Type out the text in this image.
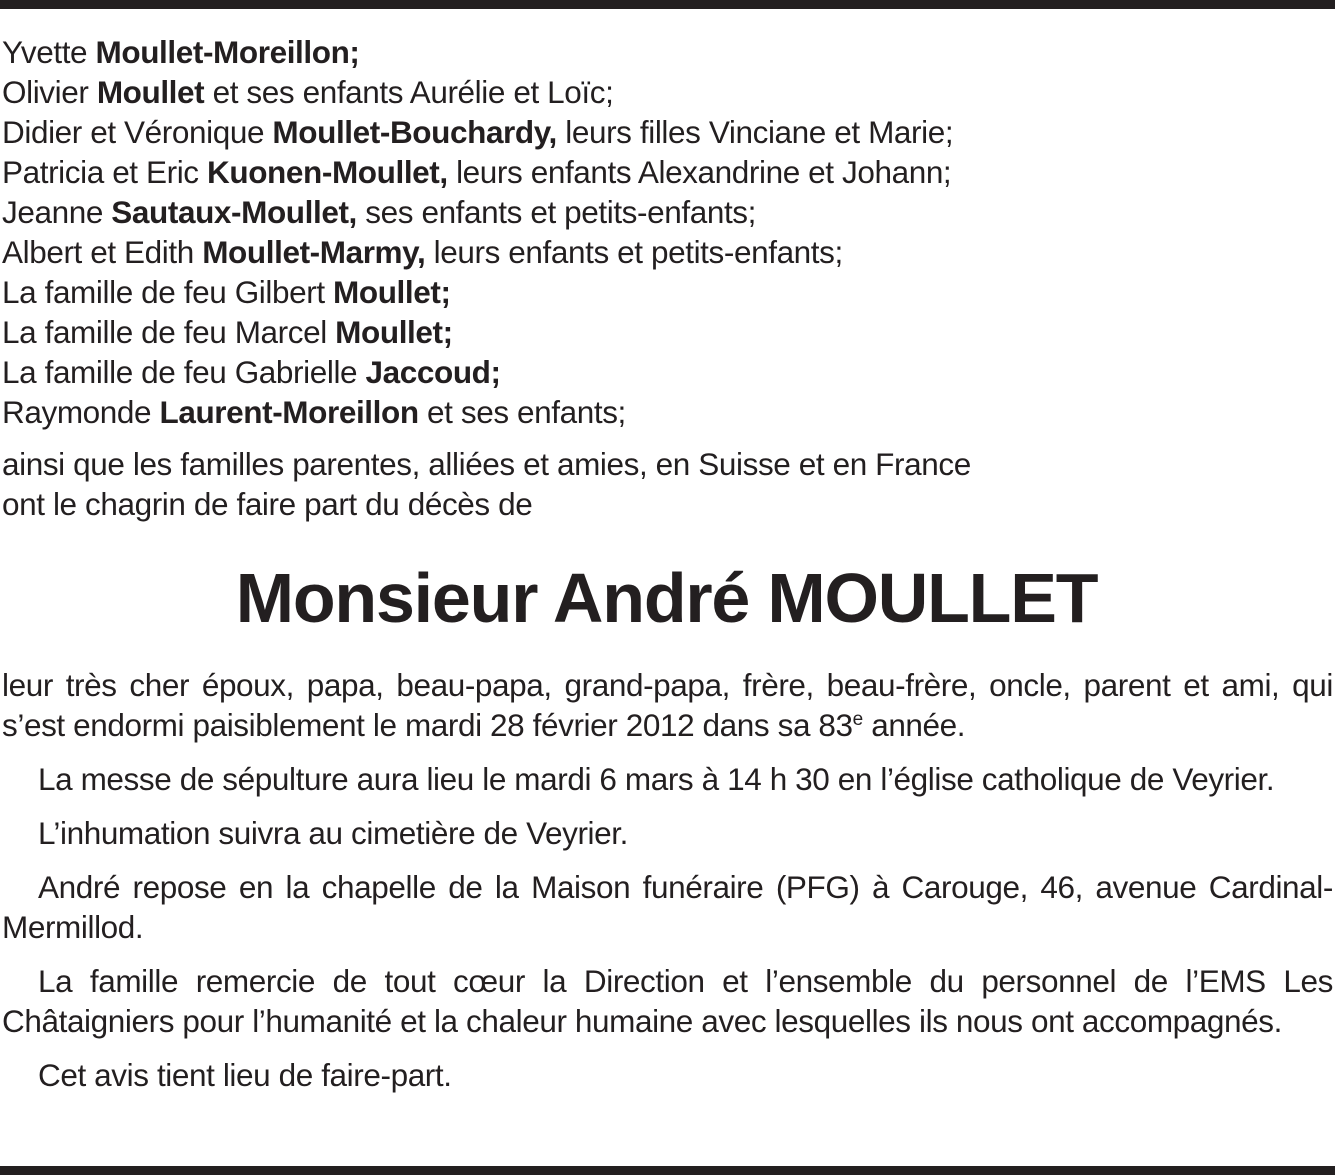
Yvette Moullet-Moreillon;
Olivier Moullet et ses enfants Aurélie et Loïc;
Didier et Véronique Moullet-Bouchardy, leurs filles Vinciane et Marie;
Patricia et Eric Kuonen-Moullet, leurs enfants Alexandrine et Johann;
Jeanne Sautaux-Moullet, ses enfants et petits-enfants;
Albert et Edith Moullet-Marmy, leurs enfants et petits-enfants;
La famille de feu Gilbert Moullet;
La famille de feu Marcel Moullet;
La famille de feu Gabrielle Jaccoud;
Raymonde Laurent-Moreillon et ses enfants;
ainsi que les familles parentes, alliées et amies, en Suisse et en France
ont le chagrin de faire part du décès de
Monsieur André MOULLET

leur très cher époux, papa, beau-papa, grand-papa, frère, beau-frère, oncle, parent et ami, qui s’est endormi paisiblement le mardi 28 février 2012 dans sa 83e année.

La messe de sépulture aura lieu le mardi 6 mars à 14 h 30 en l’église catholique de Veyrier.

L’inhumation suivra au cimetière de Veyrier.

André repose en la chapelle de la Maison funéraire (PFG) à Carouge, 46, avenue Cardinal-Mermillod.

La famille remercie de tout cœur la Direction et l’ensemble du personnel de l’EMS Les Châtaigniers pour l’humanité et la chaleur humaine avec lesquelles ils nous ont accompagnés.

Cet avis tient lieu de faire-part.
